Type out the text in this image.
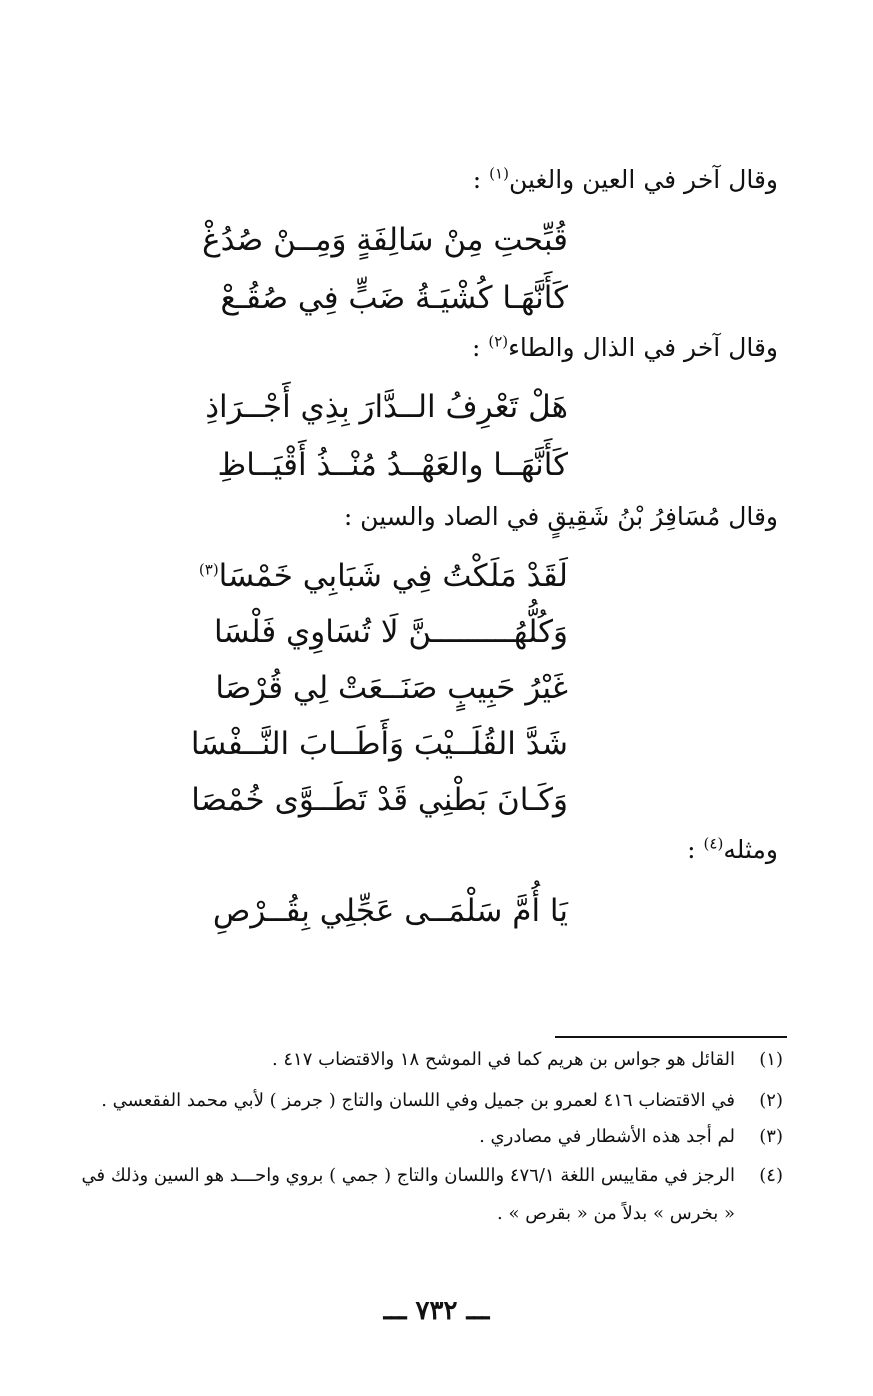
وقال آخر في العين والغين$^{(١)}$ :
قُبِّحتِ مِنْ سَالِفَةٍ وَمِــنْ صُدُغْ
كَأَنَّهَـا كُشْيَـةُ ضَبٍّ فِي صُقُـعْ
وقال آخر في الذال والطاء$^{(٢)}$ :
هَلْ تَعْرِفُ الــدَّارَ بِذِي أَجْــرَاذِ
كَأَنَّهَــا والعَهْــدُ مُنْــذُ أَقْيَــاظِ
وقال مُسَافِرُ بْنُ شَقِيقٍ في الصاد والسين :
لَقَدْ مَلَكْتُ فِي شَبَابِي خَمْسَا$^{(٣)}$
وَكُلُّهُـــــــــنَّ لَا تُسَاوِي فَلْسَا
غَيْرُ حَبِيبٍ صَنَــعَتْ لِي قُرْصَا
شَدَّ القُلَــيْبَ وَأَطَــابَ النَّــفْسَا
وَكَـانَ بَطْنِي قَدْ تَطَــوَّى خُمْصَا
ومثله$^{(٤)}$ :
يَا أُمَّ سَلْمَــى عَجِّلِي بِقُــرْصِ
(١)القائل هو جواس بن هريم كما في الموشح ١٨ والاقتضاب ٤١٧ .
(٢)في الاقتضاب ٤١٦ لعمرو بن جميل وفي اللسان والتاج ( جرمز ) لأبي محمد الفقعسي .
(٣)لم أجد هذه الأشطار في مصادري .
(٤)الرجز في مقاييس اللغة ٤٧٦/١ واللسان والتاج ( جمي ) بروي واحـــد هو السين وذلك في
« بخرس » بدلاً من « بقرص » .
ـــ ٧٣٢ ـــ
